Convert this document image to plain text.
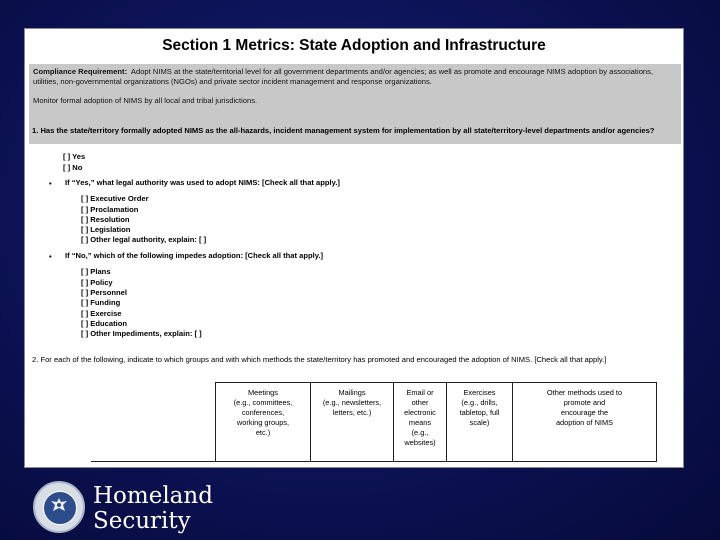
Section 1 Metrics: State Adoption and Infrastructure
Compliance Requirement: Adopt NIMS at the state/territorial level for all government departments and/or agencies; as well as promote and encourage NIMS adoption by associations, utilities, non-governmental organizations (NGOs) and private sector incident management and response organizations.
Monitor formal adoption of NIMS by all local and tribal jurisdictions.
1. Has the state/territory formally adopted NIMS as the all-hazards, incident management system for implementation by all state/territory-level departments and/or agencies?
[ ] Yes
[ ] No
• If “Yes,” what legal authority was used to adopt NIMS: [Check all that apply.]
[ ] Executive Order
[ ] Proclamation
[ ] Resolution
[ ] Legislation
[ ] Other legal authority, explain: [ ]
• If “No,” which of the following impedes adoption: [Check all that apply.]
[ ] Plans
[ ] Policy
[ ] Personnel
[ ] Funding
[ ] Exercise
[ ] Education
[ ] Other Impediments, explain: [ ]
2. For each of the following, indicate to which groups and with which methods the state/territory has promoted and encouraged the adoption of NIMS. [Check all that apply.]
Meetings
(e.g., committees,
conferences,
working groups,
etc.)
Mailings
(e.g., newsletters,
letters, etc.)
Email or
other
electronic
means
(e.g.,
websites)
Exercises
(e.g., drills,
tabletop, full
scale)
Other methods used to
promote and
encourage the
adoption of NIMS
Homeland
Security
